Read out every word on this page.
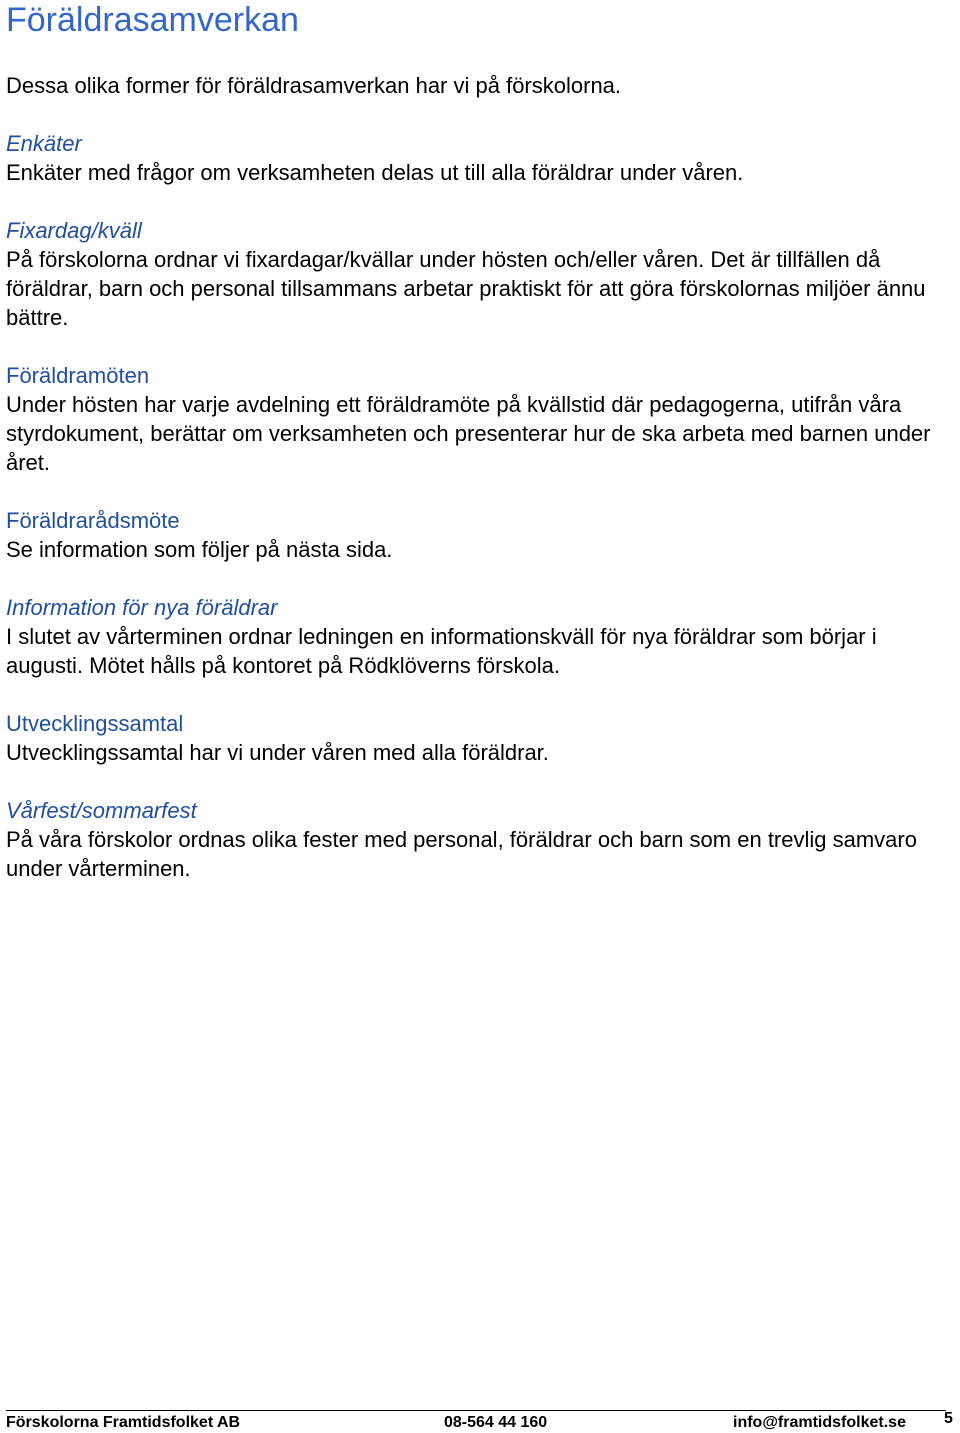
Föräldrasamverkan
Dessa olika former för föräldrasamverkan har vi på förskolorna.
Enkäter
Enkäter med frågor om verksamheten delas ut till alla föräldrar under våren.
Fixardag/kväll
På förskolorna ordnar vi fixardagar/kvällar under hösten och/eller våren. Det är tillfällen då föräldrar, barn och personal tillsammans arbetar praktiskt för att göra förskolornas miljöer ännu bättre.
Föräldramöten
Under hösten har varje avdelning ett föräldramöte på kvällstid där pedagogerna, utifrån våra styrdokument, berättar om verksamheten och presenterar hur de ska arbeta med barnen under året.
Föräldrarådsmöte
Se information som följer på nästa sida.
Information för nya föräldrar
I slutet av vårterminen ordnar ledningen en informationskväll för nya föräldrar som börjar i augusti. Mötet hålls på kontoret på Rödklöverns förskola.
Utvecklingssamtal
Utvecklingssamtal har vi under våren med alla föräldrar.
Vårfest/sommarfest
På våra förskolor ordnas olika fester med personal, föräldrar och barn som en trevlig samvaro under vårterminen.
Förskolorna Framtidsfolket AB	08-564 44 160	info@framtidsfolket.se 5
